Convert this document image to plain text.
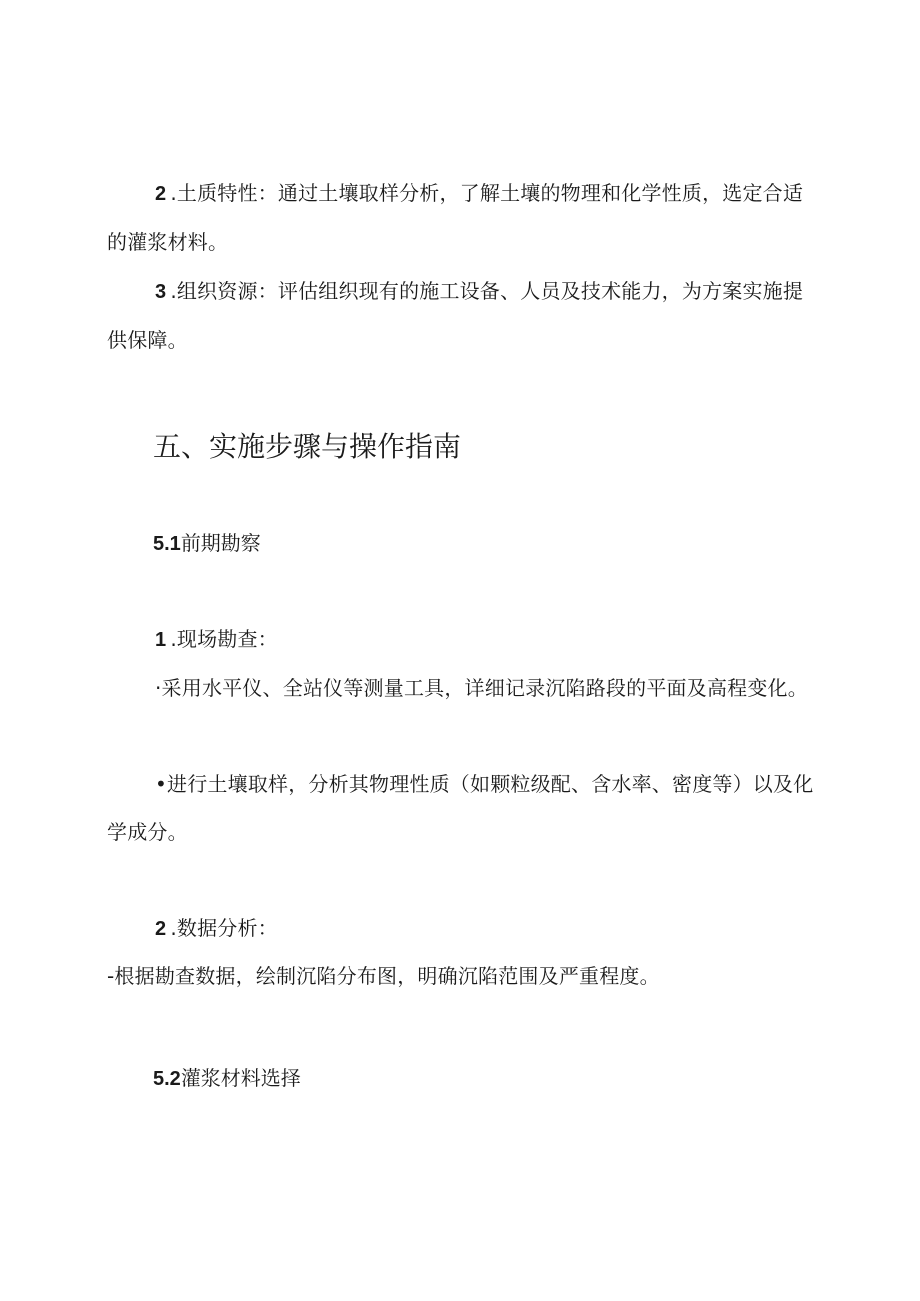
2 .土质特性：通过土壤取样分析，了解土壤的物理和化学性质，选定合适的灌浆材料。

3 .组织资源：评估组织现有的施工设备、人员及技术能力，为方案实施提供保障。

五、实施步骤与操作指南
5.1前期勘察

1 .现场勘查：

·采用水平仪、全站仪等测量工具，详细记录沉陷路段的平面及高程变化。

•进行土壤取样，分析其物理性质（如颗粒级配、含水率、密度等）以及化学成分。

2 .数据分析：

-根据勘查数据，绘制沉陷分布图，明确沉陷范围及严重程度。

5.2灌浆材料选择
